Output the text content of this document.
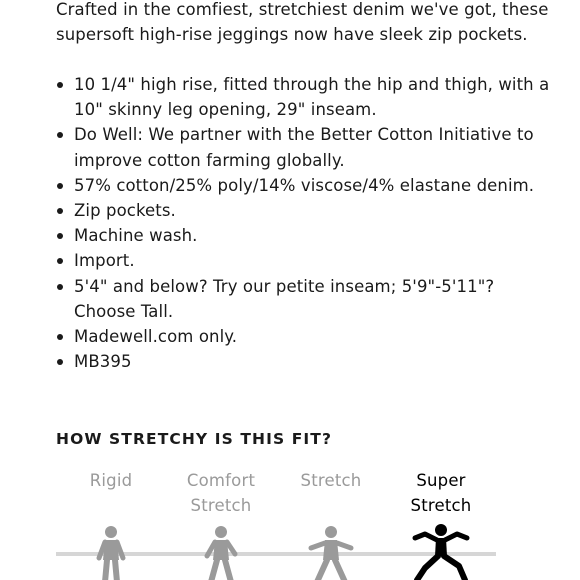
Crafted in the comfiest, stretchiest denim we've got, these supersoft high-rise jeggings now have sleek zip pockets.

10 1/4" high rise, fitted through the hip and thigh, with a 10" skinny leg opening, 29" inseam.
Do Well: We partner with the Better Cotton Initiative to improve cotton farming globally.
57% cotton/25% poly/14% viscose/4% elastane denim.
Zip pockets.
Machine wash.
Import.
5'4" and below? Try our petite inseam; 5'9"-5'11"? Choose Tall.
Madewell.com only.
MB395
HOW STRETCHY IS THIS FIT?
Rigid	Comfort Stretch
Stretch	Super Stretch
